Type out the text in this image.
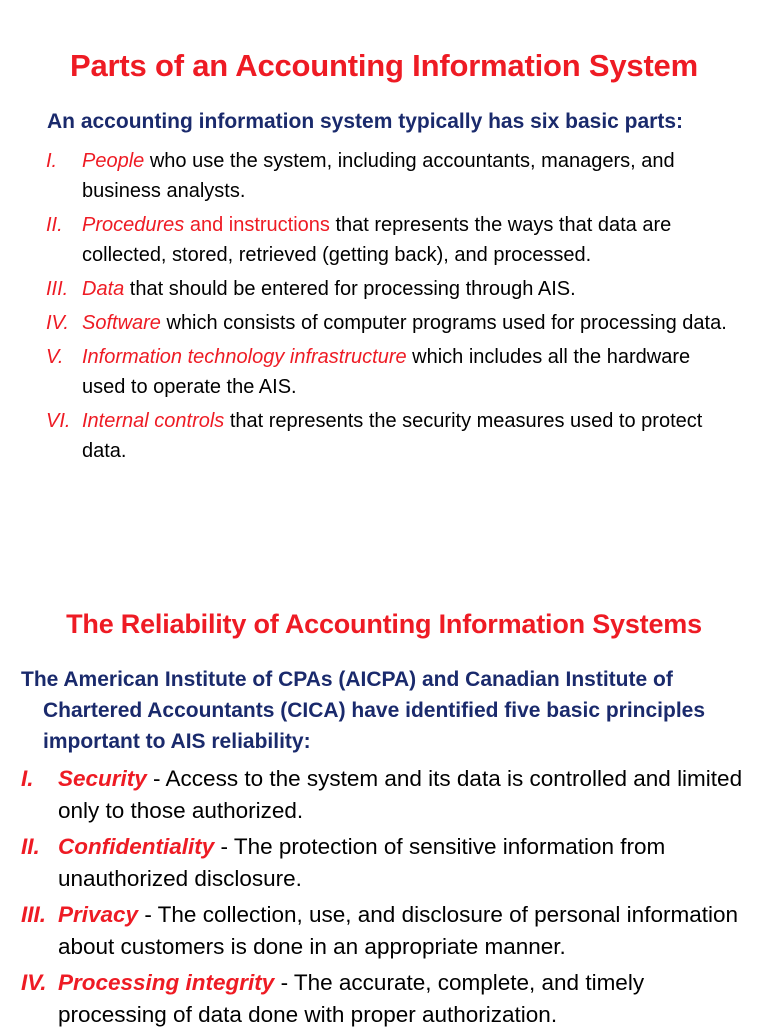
Parts of an Accounting Information System
An accounting information system typically has six basic parts:
I. People who use the system, including accountants, managers, and business analysts.
II. Procedures and instructions that represents the ways that data are collected, stored, retrieved (getting back), and processed.
III. Data that should be entered for processing through AIS.
IV. Software which consists of computer programs used for processing data.
V. Information technology infrastructure which includes all the hardware used to operate the AIS.
VI. Internal controls that represents the security measures used to protect data.
The Reliability of Accounting Information Systems
The American Institute of CPAs (AICPA) and Canadian Institute of
Chartered Accountants (CICA) have identified five basic principles important to AIS reliability:
I. Security - Access to the system and its data is controlled and limited only to those authorized.
II. Confidentiality - The protection of sensitive information from unauthorized disclosure.
III. Privacy - The collection, use, and disclosure of personal information about customers is done in an appropriate manner.
IV. Processing integrity - The accurate, complete, and timely processing of data done with proper authorization.
